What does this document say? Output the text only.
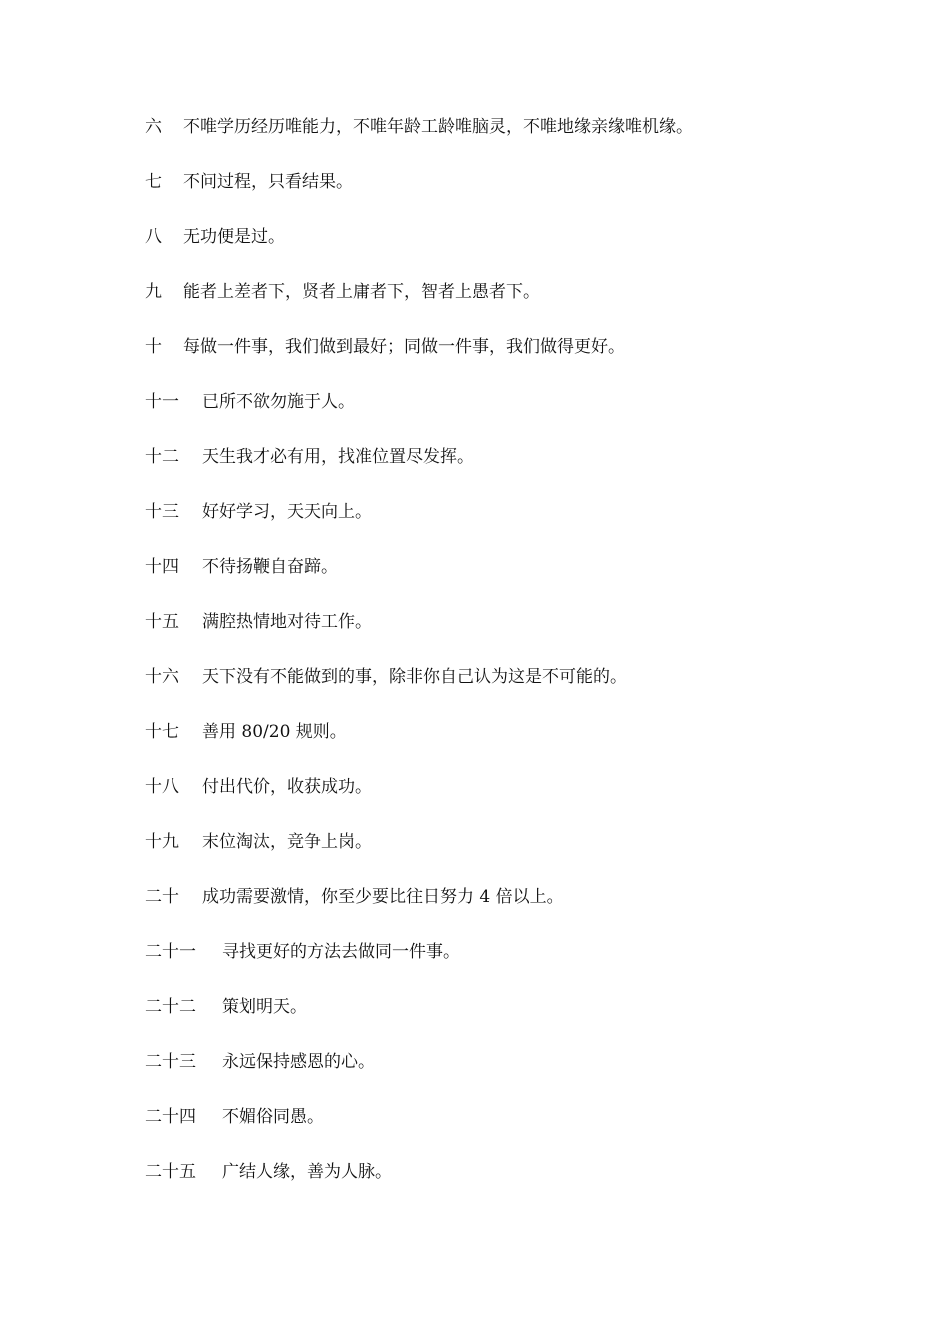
六	不唯学历经历唯能力，不唯年龄工龄唯脑灵，不唯地缘亲缘唯机缘。
七	不问过程，只看结果。
八	无功便是过。
九	能者上差者下，贤者上庸者下，智者上愚者下。
十	每做一件事，我们做到最好；同做一件事，我们做得更好。
十一	已所不欲勿施于人。
十二	天生我才必有用，找准位置尽发挥。
十三	好好学习，天天向上。
十四	不待扬鞭自奋蹄。
十五	满腔热情地对待工作。
十六	天下没有不能做到的事，除非你自己认为这是不可能的。
十七	善用 80/20 规则。
十八	付出代价，收获成功。
十九	末位淘汰，竞争上岗。
二十	成功需要激情，你至少要比往日努力 4 倍以上。
二十一	寻找更好的方法去做同一件事。
二十二	策划明天。
二十三	永远保持感恩的心。
二十四	不媚俗同愚。
二十五	广结人缘，善为人脉。
